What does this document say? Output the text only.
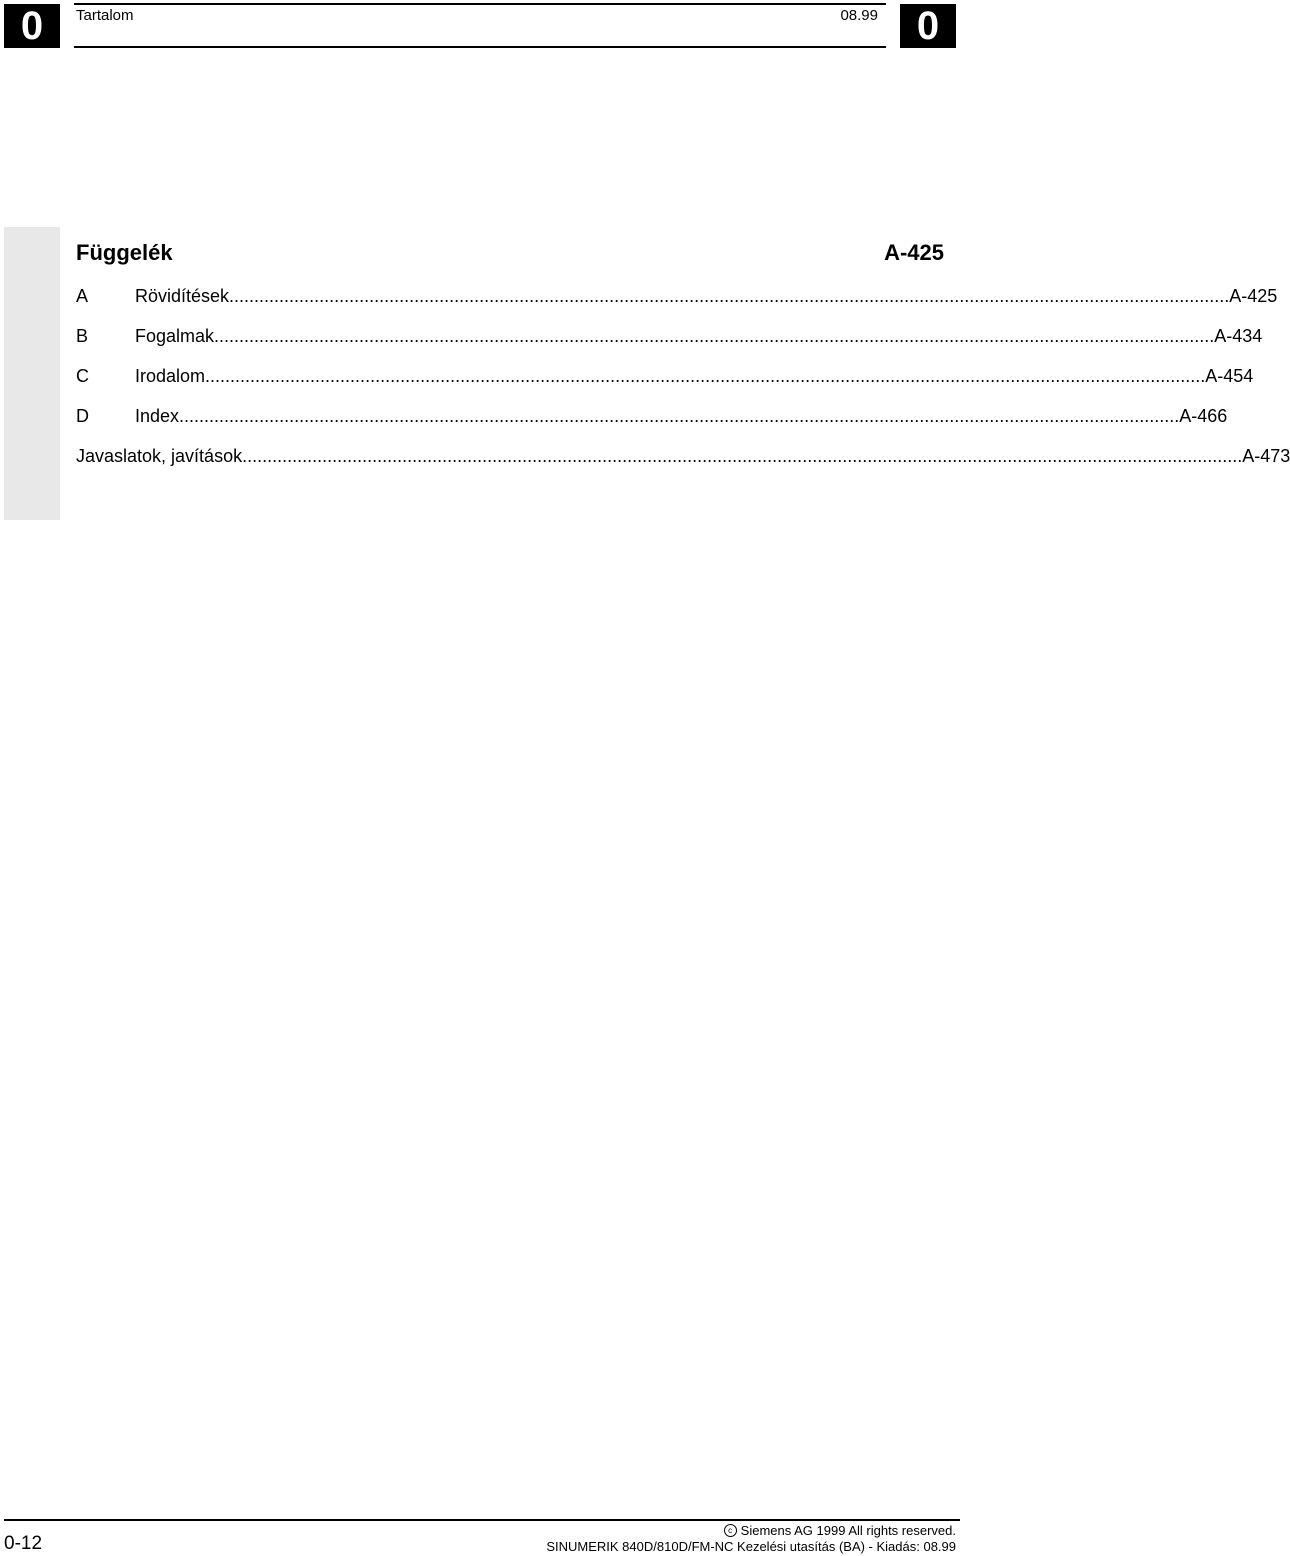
0	Tartalom	08.99 0
Függelék	A-425
A	Rövidítések ........................................................................................................................................................................................................ A-425
B	Fogalmak ........................................................................................................................................................................................................ A-434
C	Irodalom ........................................................................................................................................................................................................ A-454
D	Index ........................................................................................................................................................................................................ A-466
Javaslatok, javítások ........................................................................................................................................................................................................ A-473
0-12
c Siemens AG 1999 All rights reserved.
SINUMERIK 840D/810D/FM-NC Kezelési utasítás (BA) - Kiadás: 08.99
